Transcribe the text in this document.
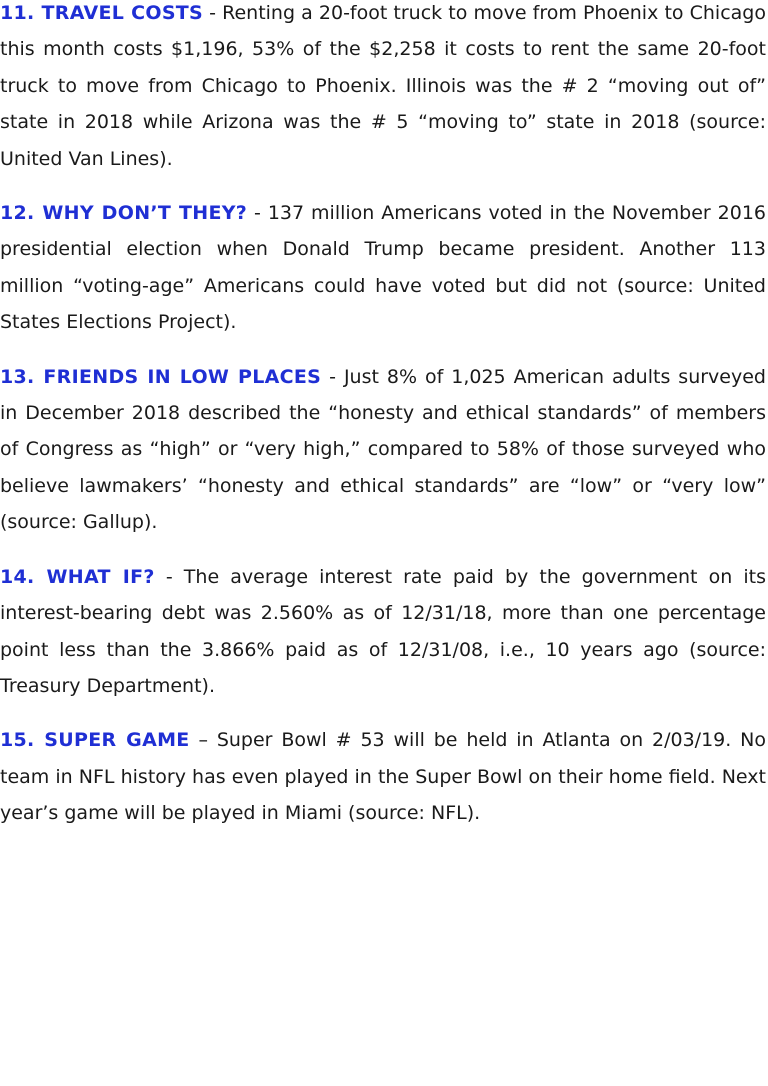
11. TRAVEL COSTS - Renting a 20-foot truck to move from Phoenix to Chicago this month costs $1,196, 53% of the $2,258 it costs to rent the same 20-foot truck to move from Chicago to Phoenix. Illinois was the # 2 “moving out of” state in 2018 while Arizona was the # 5 “moving to” state in 2018 (source: United Van Lines).

12. WHY DON’T THEY? - 137 million Americans voted in the November 2016 presidential election when Donald Trump became president. Another 113 million “voting-age” Americans could have voted but did not (source: United States Elections Project).

13. FRIENDS IN LOW PLACES - Just 8% of 1,025 American adults surveyed in December 2018 described the “honesty and ethical standards” of members of Congress as “high” or “very high,” compared to 58% of those surveyed who believe lawmakers’ “honesty and ethical standards” are “low” or “very low” (source: Gallup).

14. WHAT IF? - The average interest rate paid by the government on its interest-bearing debt was 2.560% as of 12/31/18, more than one percentage point less than the 3.866% paid as of 12/31/08, i.e., 10 years ago (source: Treasury Department).

15. SUPER GAME – Super Bowl # 53 will be held in Atlanta on 2/03/19. No team in NFL history has even played in the Super Bowl on their home field. Next year’s game will be played in Miami (source: NFL).
